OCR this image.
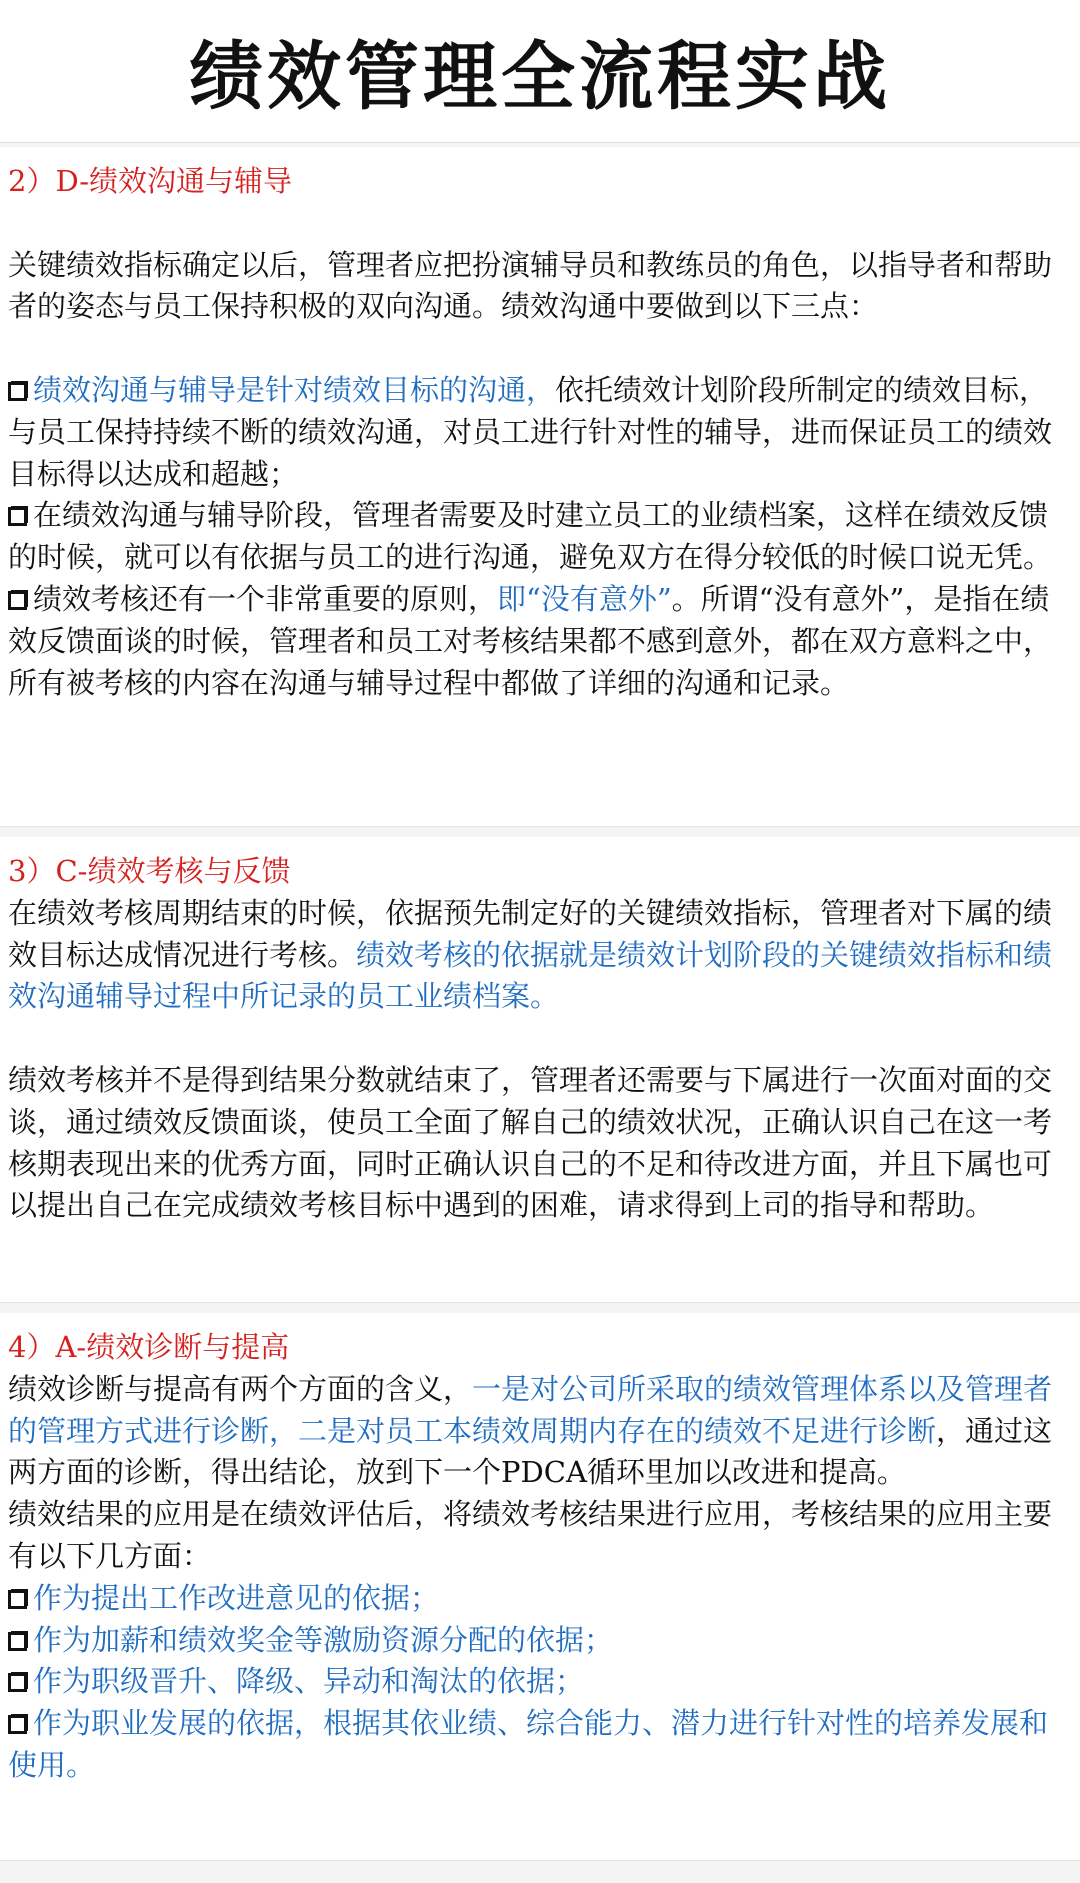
绩效管理全流程实战

2）D-绩效沟通与辅导

关键绩效指标确定以后，管理者应把扮演辅导员和教练员的角色，以指导者和帮助者的姿态与员工保持积极的双向沟通。绩效沟通中要做到以下三点：

绩效沟通与辅导是针对绩效目标的沟通，依托绩效计划阶段所制定的绩效目标，与员工保持持续不断的绩效沟通，对员工进行针对性的辅导，进而保证员工的绩效目标得以达成和超越；

在绩效沟通与辅导阶段，管理者需要及时建立员工的业绩档案，这样在绩效反馈的时候，就可以有依据与员工的进行沟通，避免双方在得分较低的时候口说无凭。

绩效考核还有一个非常重要的原则，即“没有意外”。所谓“没有意外”，是指在绩效反馈面谈的时候，管理者和员工对考核结果都不感到意外，都在双方意料之中，所有被考核的内容在沟通与辅导过程中都做了详细的沟通和记录。

3）C-绩效考核与反馈

在绩效考核周期结束的时候，依据预先制定好的关键绩效指标，管理者对下属的绩效目标达成情况进行考核。绩效考核的依据就是绩效计划阶段的关键绩效指标和绩效沟通辅导过程中所记录的员工业绩档案。

绩效考核并不是得到结果分数就结束了，管理者还需要与下属进行一次面对面的交谈，通过绩效反馈面谈，使员工全面了解自己的绩效状况，正确认识自己在这一考核期表现出来的优秀方面，同时正确认识自己的不足和待改进方面，并且下属也可以提出自己在完成绩效考核目标中遇到的困难，请求得到上司的指导和帮助。

4）A-绩效诊断与提高

绩效诊断与提高有两个方面的含义，一是对公司所采取的绩效管理体系以及管理者的管理方式进行诊断，二是对员工本绩效周期内存在的绩效不足进行诊断，通过这两方面的诊断，得出结论，放到下一个PDCA循环里加以改进和提高。

绩效结果的应用是在绩效评估后，将绩效考核结果进行应用，考核结果的应用主要有以下几方面：

作为提出工作改进意见的依据；

作为加薪和绩效奖金等激励资源分配的依据；

作为职级晋升、降级、异动和淘汰的依据；

作为职业发展的依据，根据其依业绩、综合能力、潜力进行针对性的培养发展和使用。
